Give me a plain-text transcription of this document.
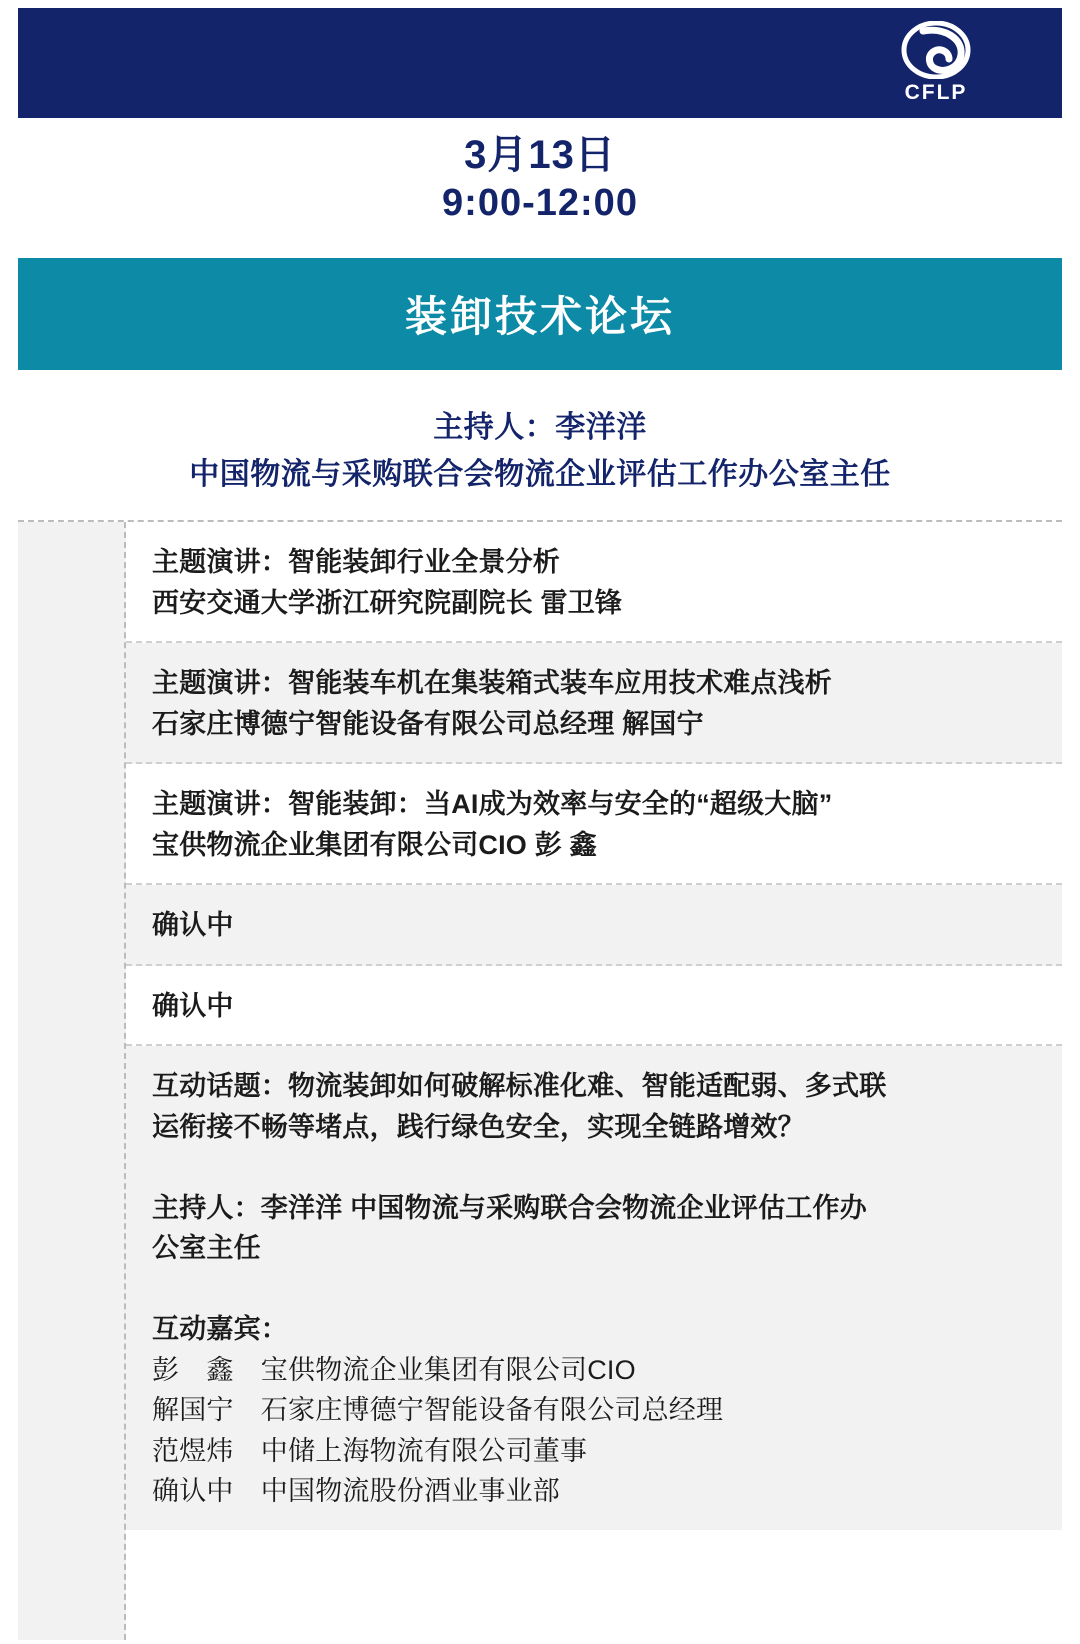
CFLP
3月13日
9:00-12:00
装卸技术论坛
主持人：李洋洋
中国物流与采购联合会物流企业评估工作办公室主任
主题演讲：智能装卸行业全景分析
西安交通大学浙江研究院副院长 雷卫锋
主题演讲：智能装车机在集装箱式装车应用技术难点浅析
石家庄博德宁智能设备有限公司总经理 解国宁
主题演讲：智能装卸：当AI成为效率与安全的“超级大脑”
宝供物流企业集团有限公司CIO 彭 鑫
确认中
确认中
互动话题：物流装卸如何破解标准化难、智能适配弱、多式联
运衔接不畅等堵点，践行绿色安全，实现全链路增效？

主持人：李洋洋 中国物流与采购联合会物流企业评估工作办
公室主任

互动嘉宾：
彭　鑫　宝供物流企业集团有限公司CIO
解国宁　石家庄博德宁智能设备有限公司总经理
范煜炜　中储上海物流有限公司董事
确认中　中国物流股份酒业事业部
